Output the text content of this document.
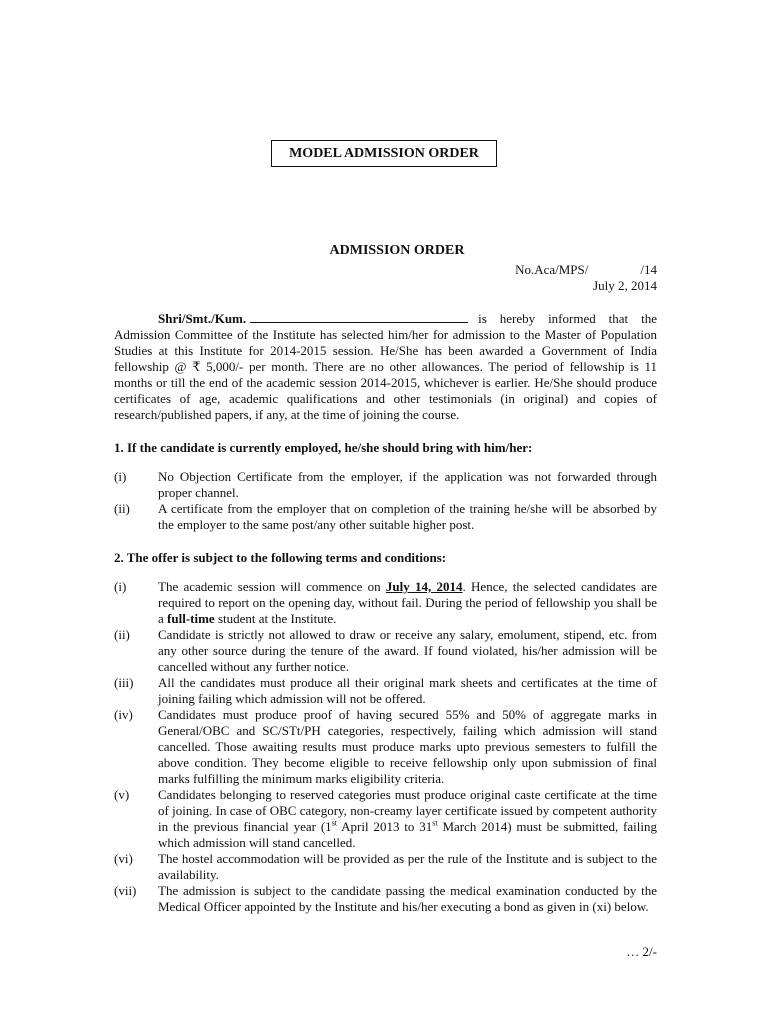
MODEL ADMISSION ORDER
ADMISSION ORDER
No.Aca/MPS/	/14
July 2, 2014

Shri/Smt./Kum.	is hereby informed that the Admission Committee of the Institute has selected him/her for admission to the Master of Population Studies at this Institute for 2014-2015 session. He/She has been awarded a Government of India fellowship @ ₹ 5,000/- per month. There are no other allowances. The period of fellowship is 11 months or till the end of the academic session 2014-2015, whichever is earlier. He/She should produce certificates of age, academic qualifications and other testimonials (in original) and copies of research/published papers, if any, at the time of joining the course.

1. If the candidate is currently employed, he/she should bring with him/her:
(i)	No Objection Certificate from the employer, if the application was not forwarded through proper channel.
(ii)	A certificate from the employer that on completion of the training he/she will be absorbed by the employer to the same post/any other suitable higher post.
2. The offer is subject to the following terms and conditions:
(i)	The academic session will commence on July 14, 2014. Hence, the selected candidates are required to report on the opening day, without fail. During the period of fellowship you shall be a full-time student at the Institute.
(ii)	Candidate is strictly not allowed to draw or receive any salary, emolument, stipend, etc. from any other source during the tenure of the award. If found violated, his/her admission will be cancelled without any further notice.
(iii)	All the candidates must produce all their original mark sheets and certificates at the time of joining failing which admission will not be offered.
(iv)	Candidates must produce proof of having secured 55% and 50% of aggregate marks in General/OBC and SC/STt/PH categories, respectively, failing which admission will stand cancelled. Those awaiting results must produce marks upto previous semesters to fulfill the above condition. They become eligible to receive fellowship only upon submission of final marks fulfilling the minimum marks eligibility criteria.
(v)	Candidates belonging to reserved categories must produce original caste certificate at the time of joining. In case of OBC category, non-creamy layer certificate issued by competent authority in the previous financial year (1st April 2013 to 31st March 2014) must be submitted, failing which admission will stand cancelled.
(vi)	The hostel accommodation will be provided as per the rule of the Institute and is subject to the availability.
(vii)	The admission is subject to the candidate passing the medical examination conducted by the Medical Officer appointed by the Institute and his/her executing a bond as given in (xi) below.
… 2/-
